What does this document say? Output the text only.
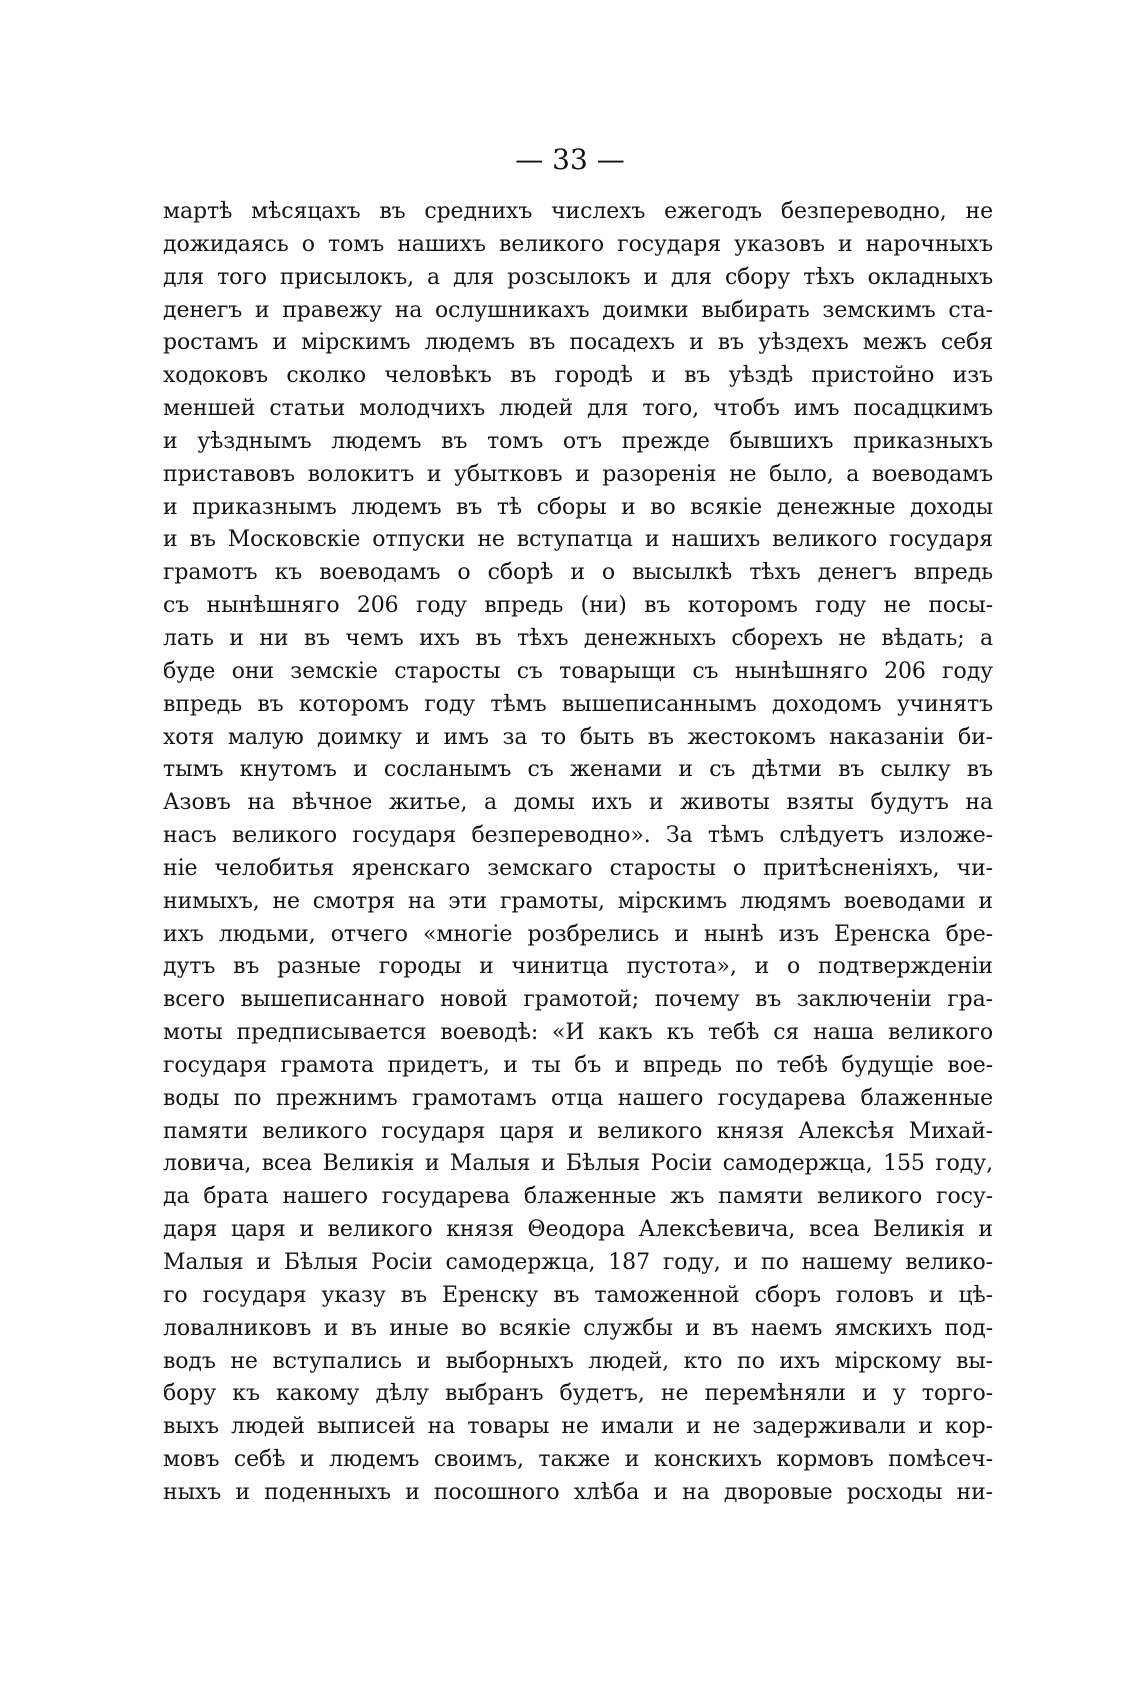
— 33 —
мартѣ мѣсяцахъ въ среднихъ числехъ ежегодъ безпереводно, не
дожидаясь о томъ нашихъ великого государя указовъ и нарочныхъ
для того присылокъ, а для розсылокъ и для сбору тѣхъ окладныхъ
денегъ и правежу на ослушникахъ доимки выбирать земскимъ ста-
ростамъ и мірскимъ людемъ въ посадехъ и въ уѣздехъ межъ себя
ходоковъ сколко человѣкъ въ городѣ и въ уѣздѣ пристойно изъ
меншей статьи молодчихъ людей для того, чтобъ имъ посадцкимъ
и уѣзднымъ людемъ въ томъ отъ прежде бывшихъ приказныхъ
приставовъ волокитъ и убытковъ и разоренія не было, а воеводамъ
и приказнымъ людемъ въ тѣ сборы и во всякіе денежные доходы
и въ Московскіе отпуски не вступатца и нашихъ великого государя
грамотъ къ воеводамъ о сборѣ и о высылкѣ тѣхъ денегъ впредь
съ нынѣшняго 206 году впредь (ни) въ которомъ году не посы-
лать и ни въ чемъ ихъ въ тѣхъ денежныхъ сборехъ не вѣдать; а
буде они земскіе старосты съ товарыщи съ нынѣшняго 206 году
впредь въ которомъ году тѣмъ вышеписаннымъ доходомъ учинятъ
хотя малую доимку и имъ за то быть въ жестокомъ наказаніи би-
тымъ кнутомъ и сосланымъ съ женами и съ дѣтми въ сылку въ
Азовъ на вѣчное житье, а домы ихъ и животы взяты будутъ на
насъ великого государя безпереводно». За тѣмъ слѣдуетъ изложе-
ніе челобитья яренскаго земскаго старосты о притѣсненіяхъ, чи-
нимыхъ, не смотря на эти грамоты, мірскимъ людямъ воеводами и
ихъ людьми, отчего «многіе розбрелись и нынѣ изъ Еренска бре-
дутъ въ разные городы и чинитца пустота», и о подтвержденіи
всего вышеписаннаго новой грамотой; почему въ заключеніи гра-
моты предписывается воеводѣ: «И какъ къ тебѣ ся наша великого
государя грамота придетъ, и ты бъ и впредь по тебѣ будущіе вое-
воды по прежнимъ грамотамъ отца нашего государева блаженные
памяти великого государя царя и великого князя Алексѣя Михай-
ловича, всеа Великія и Малыя и Бѣлыя Росіи самодержца, 155 году,
да брата нашего государева блаженные жъ памяти великого госу-
даря царя и великого князя Θеодора Алексѣевича, всеа Великія и
Малыя и Бѣлыя Росіи самодержца, 187 году, и по нашему велико-
го государя указу въ Еренску въ таможенной сборъ головъ и цѣ-
ловалниковъ и въ иные во всякіе службы и въ наемъ ямскихъ под-
водъ не вступались и выборныхъ людей, кто по ихъ мірскому вы-
бору къ какому дѣлу выбранъ будетъ, не перемѣняли и у торго-
выхъ людей выписей на товары не имали и не задерживали и кор-
мовъ себѣ и людемъ своимъ, также и конскихъ кормовъ помѣсеч-
ныхъ и поденныхъ и посошного хлѣба и на дворовые росходы ни-
